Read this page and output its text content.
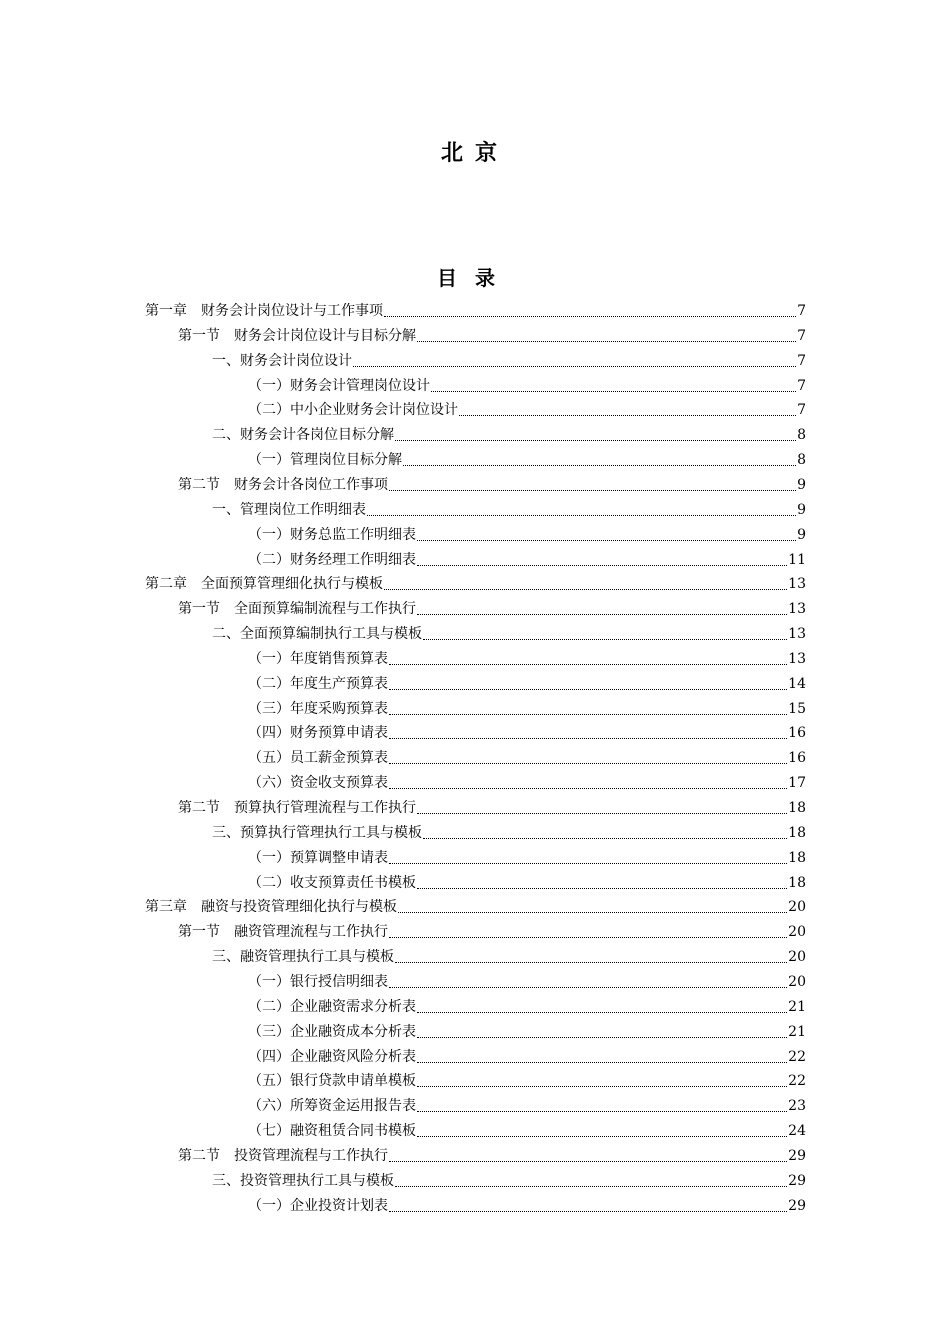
北京
目录
第一章　财务会计岗位设计与工作事项	7
第一节　财务会计岗位设计与目标分解	7
一、财务会计岗位设计	7
（一）财务会计管理岗位设计	7
（二）中小企业财务会计岗位设计	7
二、财务会计各岗位目标分解	8
（一）管理岗位目标分解	8
第二节　财务会计各岗位工作事项	9
一、管理岗位工作明细表	9
（一）财务总监工作明细表	9
（二）财务经理工作明细表	11
第二章　全面预算管理细化执行与模板	13
第一节　全面预算编制流程与工作执行	13
二、全面预算编制执行工具与模板	13
（一）年度销售预算表	13
（二）年度生产预算表	14
（三）年度采购预算表	15
（四）财务预算申请表	16
（五）员工薪金预算表	16
（六）资金收支预算表	17
第二节　预算执行管理流程与工作执行	18
三、预算执行管理执行工具与模板	18
（一）预算调整申请表	18
（二）收支预算责任书模板	18
第三章　融资与投资管理细化执行与模板	20
第一节　融资管理流程与工作执行	20
三、融资管理执行工具与模板	20
（一）银行授信明细表	20
（二）企业融资需求分析表	21
（三）企业融资成本分析表	21
（四）企业融资风险分析表	22
（五）银行贷款申请单模板	22
（六）所筹资金运用报告表	23
（七）融资租赁合同书模板	24
第二节　投资管理流程与工作执行	29
三、投资管理执行工具与模板	29
（一）企业投资计划表	29
